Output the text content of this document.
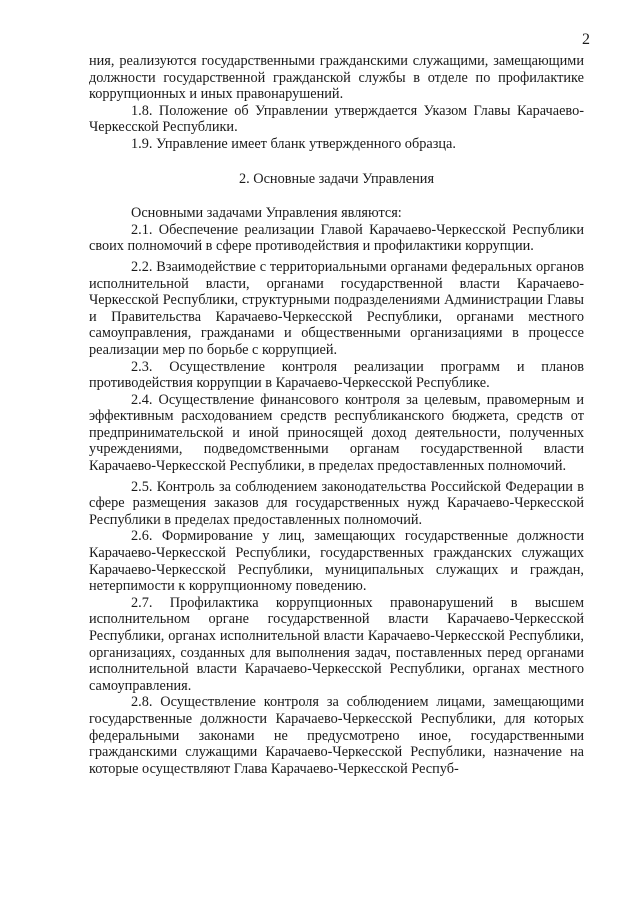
2

ния, реализуются государственными гражданскими служащими, замещающими должности государственной гражданской службы в отделе по профилактике коррупционных и иных правонарушений.

1.8. Положение об Управлении утверждается Указом Главы Карачаево-Черкесской Республики.

1.9. Управление имеет бланк утвержденного образца.

2. Основные задачи Управления

Основными задачами Управления являются:

2.1. Обеспечение реализации Главой Карачаево-Черкесской Республики своих полномочий в сфере противодействия и профилактики коррупции.

2.2. Взаимодействие с территориальными органами федеральных органов исполнительной власти, органами государственной власти Карачаево-Черкесской Республики, структурными подразделениями Администрации Главы и Правительства Карачаево-Черкесской Республики, органами местного самоуправления, гражданами и общественными организациями в процессе реализации мер по борьбе с коррупцией.

2.3. Осуществление контроля реализации программ и планов противодействия коррупции в Карачаево-Черкесской Республике.

2.4. Осуществление финансового контроля за целевым, правомерным и эффективным расходованием средств республиканского бюджета, средств от предпринимательской и иной приносящей доход деятельности, полученных учреждениями, подведомственными органам государственной власти Карачаево-Черкесской Республики, в пределах предоставленных полномочий.

2.5. Контроль за соблюдением законодательства Российской Федерации в сфере размещения заказов для государственных нужд Карачаево-Черкесской Республики в пределах предоставленных полномочий.

2.6. Формирование у лиц, замещающих государственные должности Карачаево-Черкесской Республики, государственных гражданских служащих Карачаево-Черкесской Республики, муниципальных служащих и граждан, нетерпимости к коррупционному поведению.

2.7. Профилактика коррупционных правонарушений в высшем исполнительном органе государственной власти Карачаево-Черкесской Республики, органах исполнительной власти Карачаево-Черкесской Республики, организациях, созданных для выполнения задач, поставленных перед органами исполнительной власти Карачаево-Черкесской Республики, органах местного самоуправления.

2.8. Осуществление контроля за соблюдением лицами, замещающими государственные должности Карачаево-Черкесской Республики, для которых федеральными законами не предусмотрено иное, государственными гражданскими служащими Карачаево-Черкесской Республики, назначение на которые осуществляют Глава Карачаево-Черкесской Респуб-
